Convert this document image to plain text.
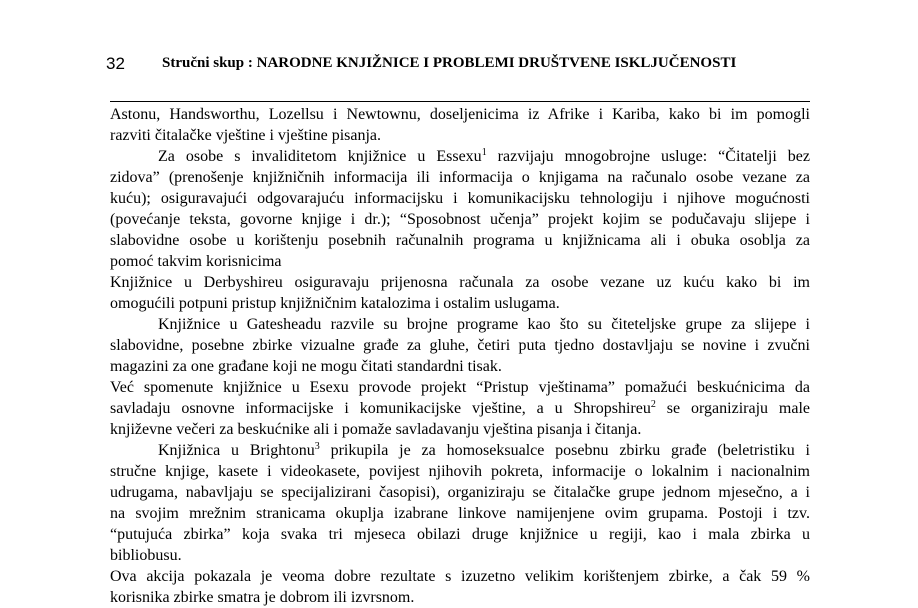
32 Stručni skup : NARODNE KNJIŽNICE I PROBLEMI DRUŠTVENE ISKLJUČENOSTI
Astonu, Handsworthu, Lozellsu i Newtownu, doseljenicima iz Afrike i Kariba, kako bi im pomogli
razviti čitalačke vještine i vještine pisanja.
Za osobe s invaliditetom knjižnice u Essexu$^1$ razvijaju mnogobrojne usluge: “Čitatelji bez
zidova” (prenošenje knjižničnih informacija ili informacija o knjigama na računalo osobe vezane za
kuću); osiguravajući odgovarajuću informacijsku i komunikacijsku tehnologiju i njihove mogućnosti
(povećanje teksta, govorne knjige i dr.); “Sposobnost učenja” projekt kojim se podučavaju slijepe i
slabovidne osobe u korištenju posebnih računalnih programa u knjižnicama ali i obuka osoblja za
pomoć takvim korisnicima
Knjižnice u Derbyshireu osiguravaju prijenosna računala za osobe vezane uz kuću kako bi im
omogućili potpuni pristup knjižničnim katalozima i ostalim uslugama.
Knjižnice u Gatesheadu razvile su brojne programe kao što su čiteteljske grupe za slijepe i
slabovidne, posebne zbirke vizualne građe za gluhe, četiri puta tjedno dostavljaju se novine i zvučni
magazini za one građane koji ne mogu čitati standardni tisak.
Već spomenute knjižnice u Esexu provode projekt “Pristup vještinama” pomažući beskućnicima da
savladaju osnovne informacijske i komunikacijske vještine, a u Shropshireu$^2$ se organiziraju male
književne večeri za beskućnike ali i pomaže savladavanju vještina pisanja i čitanja.
Knjižnica u Brightonu$^3$ prikupila je za homoseksualce posebnu zbirku građe (beletristiku i
stručne knjige, kasete i videokasete, povijest njihovih pokreta, informacije o lokalnim i nacionalnim
udrugama, nabavljaju se specijalizirani časopisi), organiziraju se čitalačke grupe jednom mjesečno, a i
na svojim mrežnim stranicama okuplja izabrane linkove namijenjene ovim grupama. Postoji i tzv.
“putujuća zbirka” koja svaka tri mjeseca obilazi druge knjižnice u regiji, kao i mala zbirka u
bibliobusu.
Ova akcija pokazala je veoma dobre rezultate s izuzetno velikim korištenjem zbirke, a čak 59 %
korisnika zbirke smatra je dobrom ili izvrsnom.
